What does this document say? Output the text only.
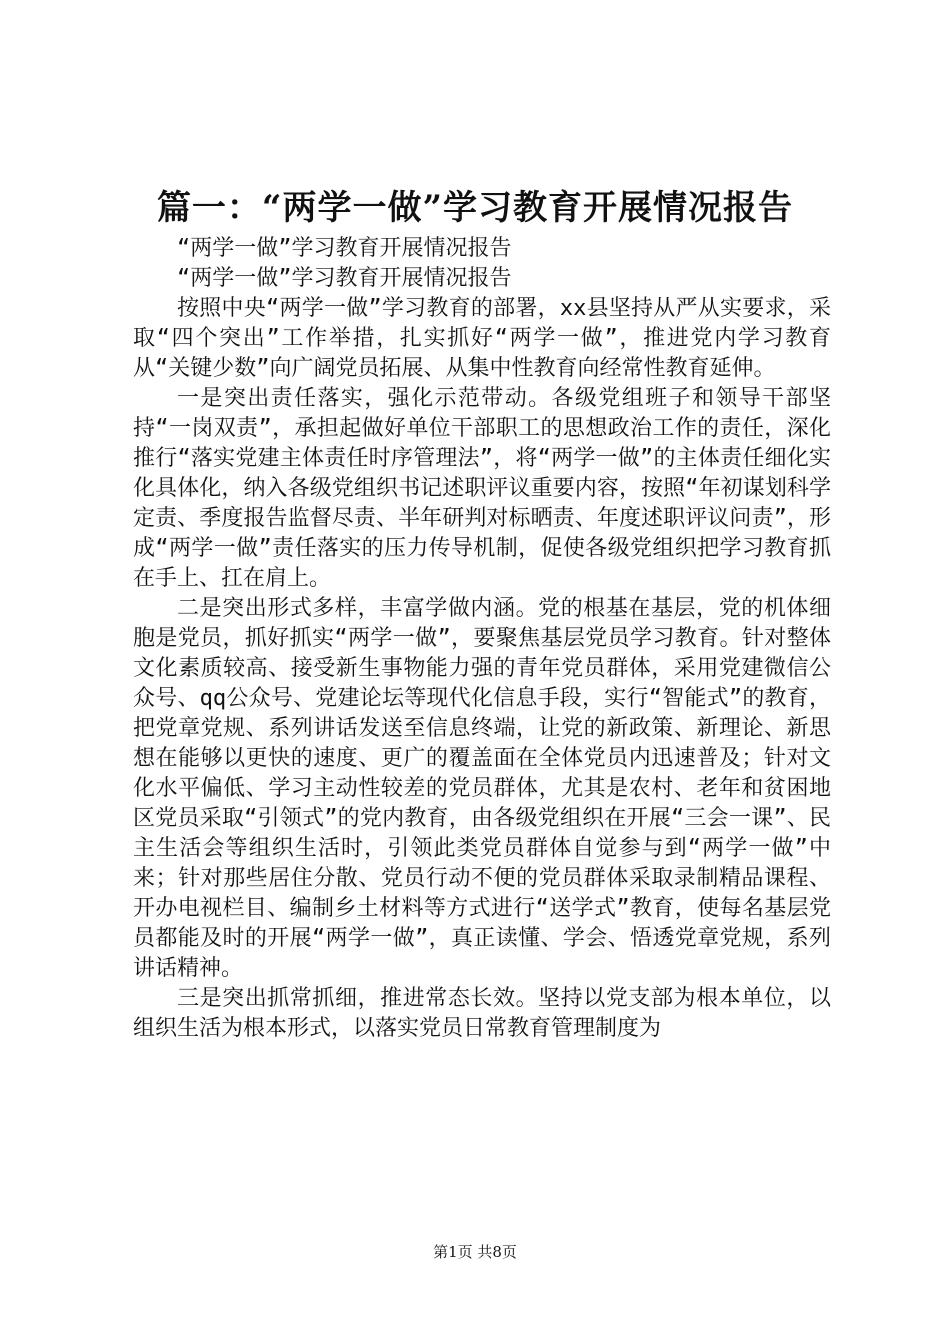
篇一：“两学一做”学习教育开展情况报告

“两学一做”学习教育开展情况报告

“两学一做”学习教育开展情况报告

按照中央“两学一做”学习教育的部署，xx县坚持从严从实要求，采取“四个突出”工作举措，扎实抓好“两学一做”，推进党内学习教育从“关键少数”向广阔党员拓展、从集中性教育向经常性教育延伸。

一是突出责任落实，强化示范带动。各级党组班子和领导干部坚持“一岗双责”，承担起做好单位干部职工的思想政治工作的责任，深化推行“落实党建主体责任时序管理法”，将“两学一做”的主体责任细化实化具体化，纳入各级党组织书记述职评议重要内容，按照“年初谋划科学定责、季度报告监督尽责、半年研判对标晒责、年度述职评议问责”，形成“两学一做”责任落实的压力传导机制，促使各级党组织把学习教育抓在手上、扛在肩上。

二是突出形式多样，丰富学做内涵。党的根基在基层，党的机体细胞是党员，抓好抓实“两学一做”，要聚焦基层党员学习教育。针对整体文化素质较高、接受新生事物能力强的青年党员群体，采用党建微信公众号、qq公众号、党建论坛等现代化信息手段，实行“智能式”的教育，把党章党规、系列讲话发送至信息终端，让党的新政策、新理论、新思想在能够以更快的速度、更广的覆盖面在全体党员内迅速普及；针对文化水平偏低、学习主动性较差的党员群体，尤其是农村、老年和贫困地区党员采取“引领式”的党内教育，由各级党组织在开展“三会一课”、民主生活会等组织生活时，引领此类党员群体自觉参与到“两学一做”中来；针对那些居住分散、党员行动不便的党员群体采取录制精品课程、开办电视栏目、编制乡土材料等方式进行“送学式”教育，使每名基层党员都能及时的开展“两学一做”，真正读懂、学会、悟透党章党规，系列讲话精神。

三是突出抓常抓细，推进常态长效。坚持以党支部为根本单位，以组织生活为根本形式，以落实党员日常教育管理制度为

第1页 共8页
